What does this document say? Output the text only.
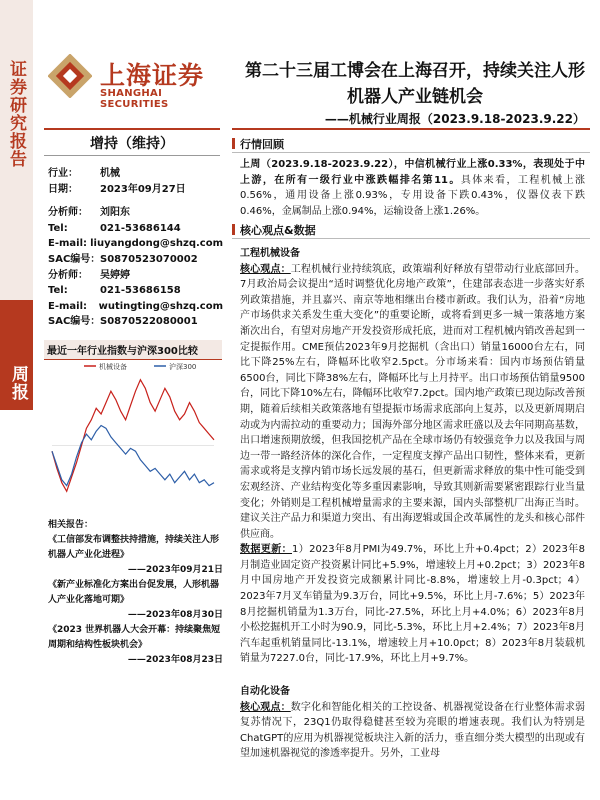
证券研究报告
行业周报
上海证券
SHANGHAI SECURITIES
第二十三届工博会在上海召开，持续关注人形机器人产业链机会
——机械行业周报（2023.9.18-2023.9.22）
增持（维持）
行业：	机械
日期：	2023年09月27日
分析师：	刘阳东
Tel:	021-53686144
E-mail: liuyangdong@shzq.com
SAC编号： S0870523070002
分析师：	吴婷婷
Tel:	021-53686158
E-mail:	wutingting@shzq.com
SAC编号： S0870522080001
最近一年行业指数与沪深300比较
机械设备	沪深300
相关报告：
《工信部发布调整扶持措施，持续关注人形机器人产业化进程》
——2023年09月21日
《新产业标准化方案出台促发展，人形机器人产业化落地可期》
——2023年08月30日
《2023 世界机器人大会开幕：持续聚焦短周期和结构性板块机会》
——2023年08月23日
行情回顾
上周（2023.9.18-2023.9.22），中信机械行业上涨0.33%，表现处于中上游，在所有一级行业中涨跌幅排名第11。具体来看，工程机械上涨0.56%，通用设备上涨0.93%，专用设备下跌0.43%，仪器仪表下跌0.46%，金属制品上涨0.94%，运输设备上涨1.26%。
核心观点&数据
工程机械设备
核心观点：工程机械行业持续筑底，政策端利好释放有望带动行业底部回升。7月政治局会议提出“适时调整优化房地产政策”，住建部表态进一步落实好系列政策措施，并且嘉兴、南京等地相继出台楼市新政。我们认为，沿着“房地产市场供求关系发生重大变化”的重要论断，或将看到更多一城一策落地方案渐次出台，有望对房地产开发投资形成托底，进而对工程机械内销改善起到一定提振作用。CME预估2023年9月挖掘机（含出口）销量16000台左右，同比下降25%左右，降幅环比收窄2.5pct。分市场来看：国内市场预估销量6500台，同比下降38%左右，降幅环比与上月持平。出口市场预估销量9500台，同比下降10%左右，降幅环比收窄7.2pct。国内地产政策已现边际改善预期，随着后续相关政策落地有望提振市场需求底部向上复苏，以及更新周期启动或为内需拉动的重要动力；国海外部分地区需求旺盛以及去年同期高基数，出口增速预期放缓，但我国挖机产品在全球市场仍有较强竞争力以及我国与周边一带一路经济体的深化合作，一定程度支撑产品出口韧性，整体来看，更新需求或将是支撑内销市场长远发展的基石，但更新需求释放的集中性可能受到宏观经济、产业结构变化等多重因素影响，导致其则新需要紧密跟踪行业当量变化；外销则是工程机械增量需求的主要来源，国内头部整机厂出海正当时。建议关注产品力和渠道力突出、有出海逻辑或国企改革属性的龙头和核心部件供应商。
数据更新：1）2023年8月PMI为49.7%，环比上升+0.4pct；2）2023年8月制造业固定资产投资累计同比+5.9%，增速较上月+0.2pct；3）2023年8月中国房地产开发投资完成额累计同比-8.8%，增速较上月-0.3pct；4）2023年7月叉车销量为9.3万台，同比+9.5%，环比上月-7.6%；5）2023年8月挖掘机销量为1.3万台，同比-27.5%，环比上月+4.0%；6）2023年8月小松挖掘机开工小时为90.9，同比-5.3%，环比上月+2.4%；7）2023年8月汽车起重机销量同比-13.1%，增速较上月+10.0pct；8）2023年8月装载机销量为7227.0台，同比-17.9%，环比上月+9.7%。
自动化设备
核心观点：数字化和智能化相关的工控设备、机器视觉设备在行业整体需求弱复苏情况下，23Q1仍取得稳健甚至较为亮眼的增速表现。我们认为特别是ChatGPT的应用为机器视觉板块注入新的活力，垂直细分类大模型的出现或有望加速机器视觉的渗透率提升。另外，工业母
